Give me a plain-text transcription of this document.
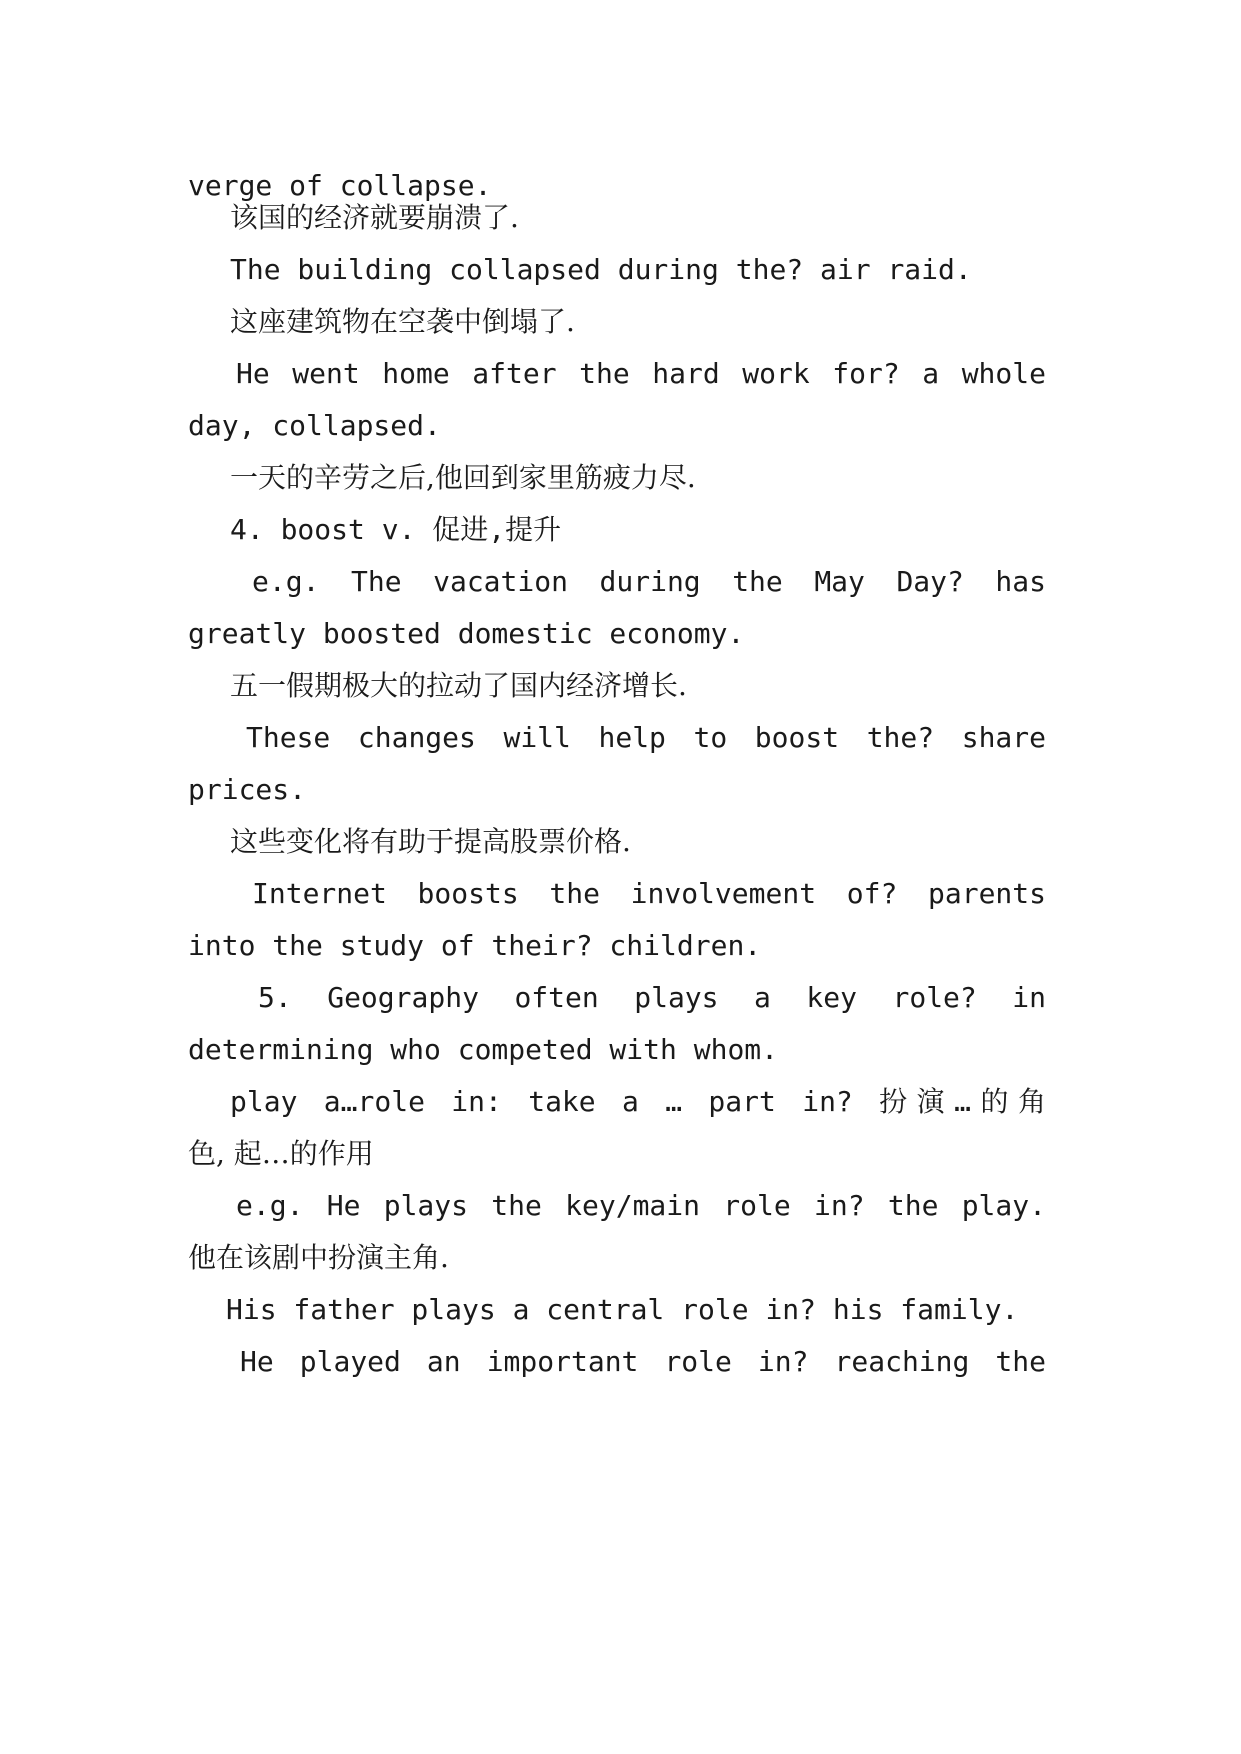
verge of collapse.
该国的经济就要崩溃了.
The building collapsed during the? air raid.
这座建筑物在空袭中倒塌了.
He went home after the hard work for? a whole
day, collapsed.
一天的辛劳之后,他回到家里筋疲力尽.
4. boost v. 促进,提升
e.g. The vacation during the May Day? has
greatly boosted domestic economy.
五一假期极大的拉动了国内经济增长.
These changes will help to boost the? share
prices.
这些变化将有助于提高股票价格.
Internet boosts the involvement of? parents
into the study of their? children.
5. Geography often plays a key role? in
determining who competed with whom.
play a…role in: take a … part in? 扮演…的角
色, 起…的作用
e.g. He plays the key/main role in? the play.
他在该剧中扮演主角.
His father plays a central role in? his family.
He played an important role in? reaching the
